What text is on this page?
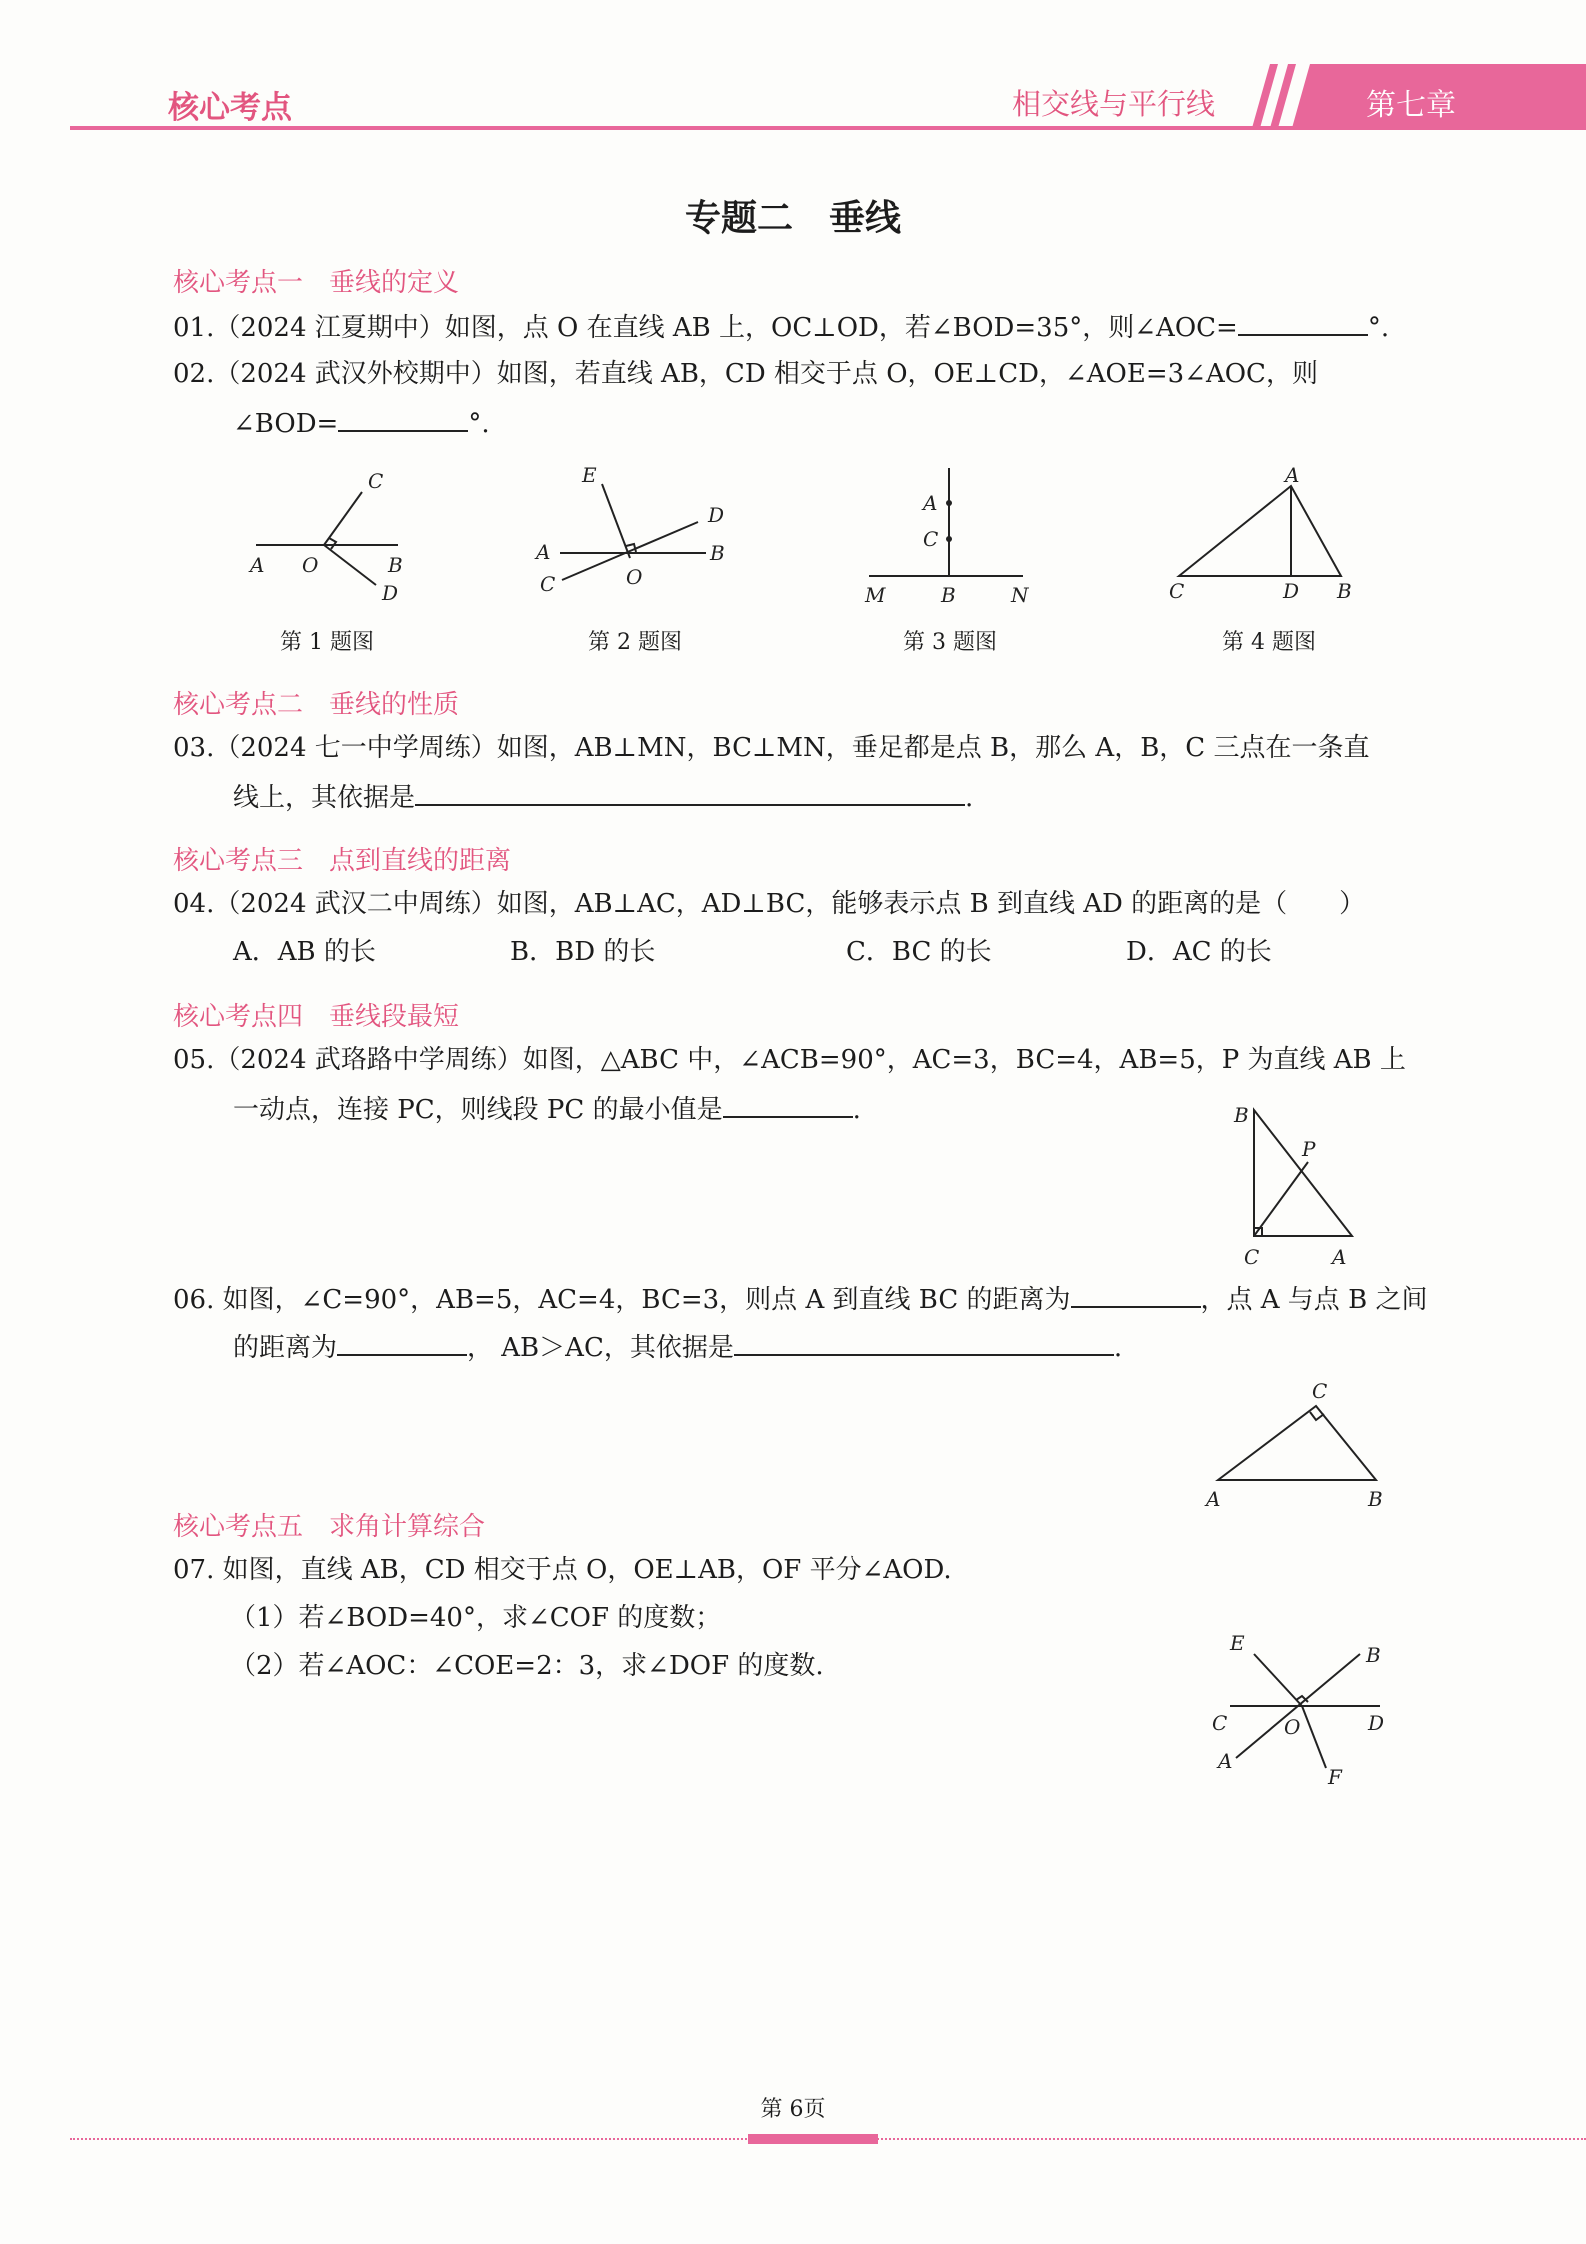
核心考点	相交线与平行线	第七章
专题二　垂线
核心考点一　垂线的定义
01.（2024 江夏期中）如图，点 O 在直线 AB 上，OC⊥OD，若∠BOD=35°，则∠AOC=	°.
02.（2024 武汉外校期中）如图，若直线 AB，CD 相交于点 O，OE⊥CD，∠AOE=3∠AOC，则
∠BOD=	°.
C
A O	B
D
第 1 题图
E
D
A	B
C	O
第 2 题图
A
C
M	B	N
第 3 题图
A
C	D B
第 4 题图
核心考点二　垂线的性质
03.（2024 七一中学周练）如图，AB⊥MN，BC⊥MN，垂足都是点 B，那么 A，B，C 三点在一条直
线上，其依据是	.
核心考点三　点到直线的距离
04.（2024 武汉二中周练）如图，AB⊥AC，AD⊥BC，能够表示点 B 到直线 AD 的距离的是（　　）
A．AB 的长	B．BD 的长	C．BC 的长	D．AC 的长
核心考点四　垂线段最短
05.（2024 武珞路中学周练）如图，△ABC 中，∠ACB=90°，AC=3，BC=4，AB=5，P 为直线 AB 上
一动点，连接 PC，则线段 PC 的最小值是	.	B
P
C	A
06. 如图，∠C=90°，AB=5，AC=4，BC=3，则点 A 到直线 BC 的距离为	，点 A 与点 B 之间
的距离为	， AB＞AC，其依据是	.
C
A	B
核心考点五　求角计算综合
07. 如图，直线 AB，CD 相交于点 O，OE⊥AB，OF 平分∠AOD.
（1）若∠BOD=40°，求∠COF 的度数；
（2）若∠AOC：∠COE=2：3，求∠DOF 的度数.
E	B
C	O	D
A
F
第 6页
